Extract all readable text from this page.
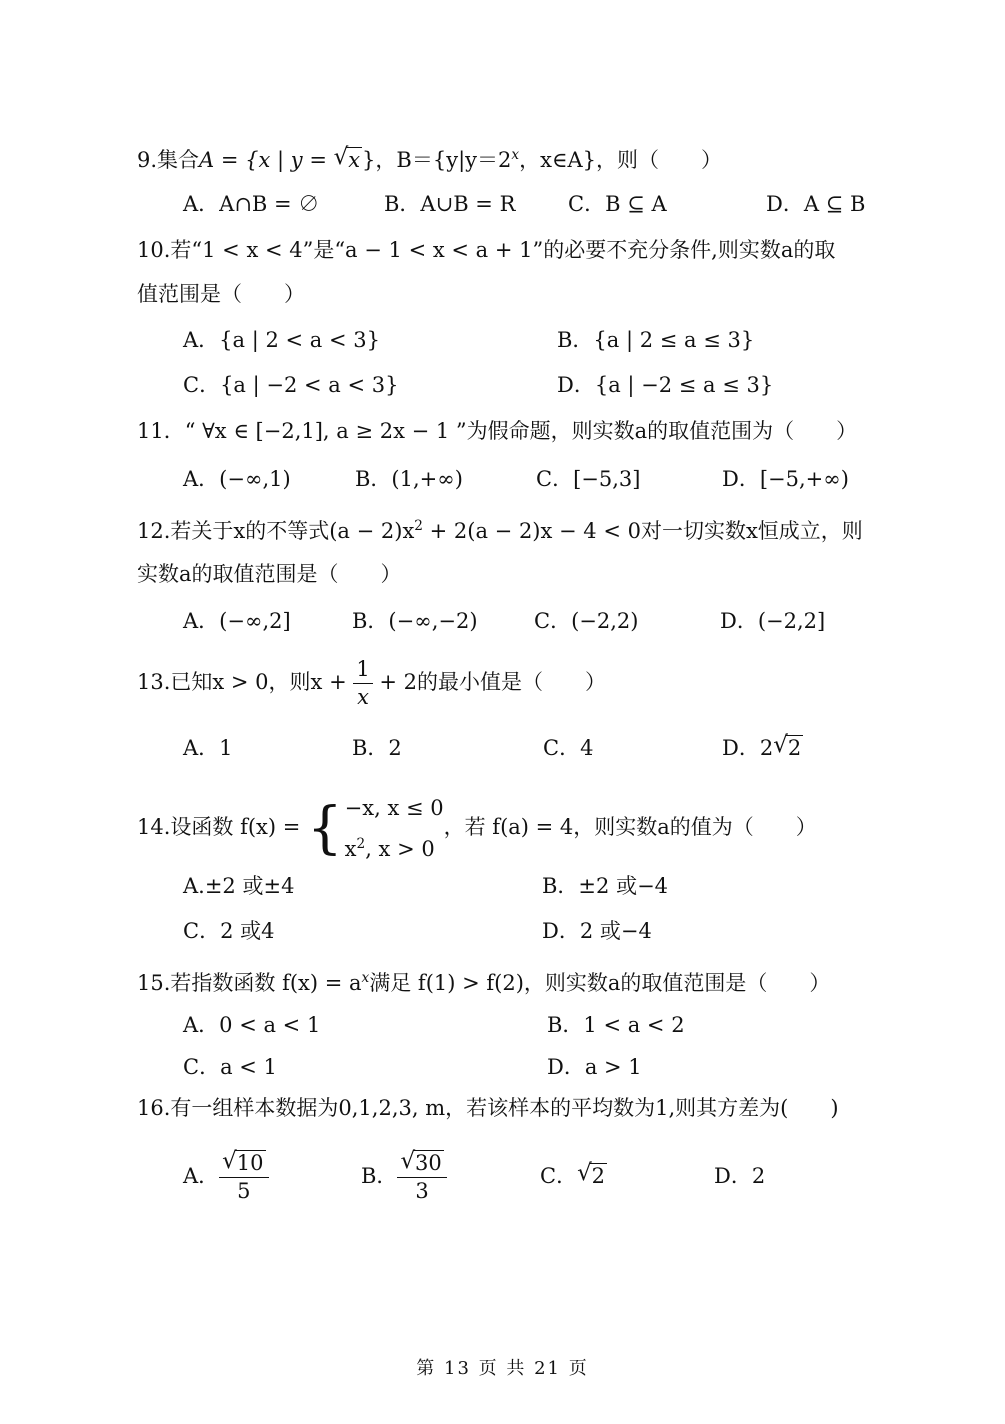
9.集合A = {x | y = √ x}，$B=\{y|y=2^x$，x∈A}，则（　　）
A．A∩B = ∅	B．A∪B = R	C．B ⊆ A	D．A ⊆ B
10.若“1 < x < 4”是“a − 1 < x < a + 1”的必要不充分条件,则实数a的取
值范围是（　　）
A．{a | 2 < a < 3}	B．{a | 2 ≤ a ≤ 3}
C．{a | −2 < a < 3}	D．{a | −2 ≤ a ≤ 3}
11．“ ∀x ∈ [−2,1], a ≥ 2x − 1 ”为假命题，则实数a的取值范围为（　　）
A．(−∞,1)	B．(1,+∞)	C．[−5,3]	D．[−5,+∞)
12.若关于x的不等式$(a - 2)x^2 + 2(a - 2)x - 4 < 0$对一切实数x恒成立，则
实数a的取值范围是（　　）
A．(−∞,2]	B．(−∞,−2)	C．(−2,2)	D．(−2,2]
13.已知x > 0，则$x + \frac{1}{x} + 2$的最小值是（　　）
A．1	B．2	C．4	D．2 √ 2
14.设函数 f(x) = { −x, x ≤ 0
$x^2$, x > 0
，若 f(a) = 4，则实数a的值为（　　）
A.±2 或±4	B．±2 或−4
C．2 或4	D．2 或−4
15.若指数函数 $f(x) = a^x$满足 f(1) > f(2)，则实数a的取值范围是（　　）
A．0 < a < 1	B．1 < a < 2
C．a < 1	D．a > 1
16.有一组样本数据为0,1,2,3, m，若该样本的平均数为1,则其方差为(　　)
A． $\frac{√ 10}{5}$	B． $\frac{√ 30}{3}$	C． √ 2	D．2
第 13 页 共 21 页
